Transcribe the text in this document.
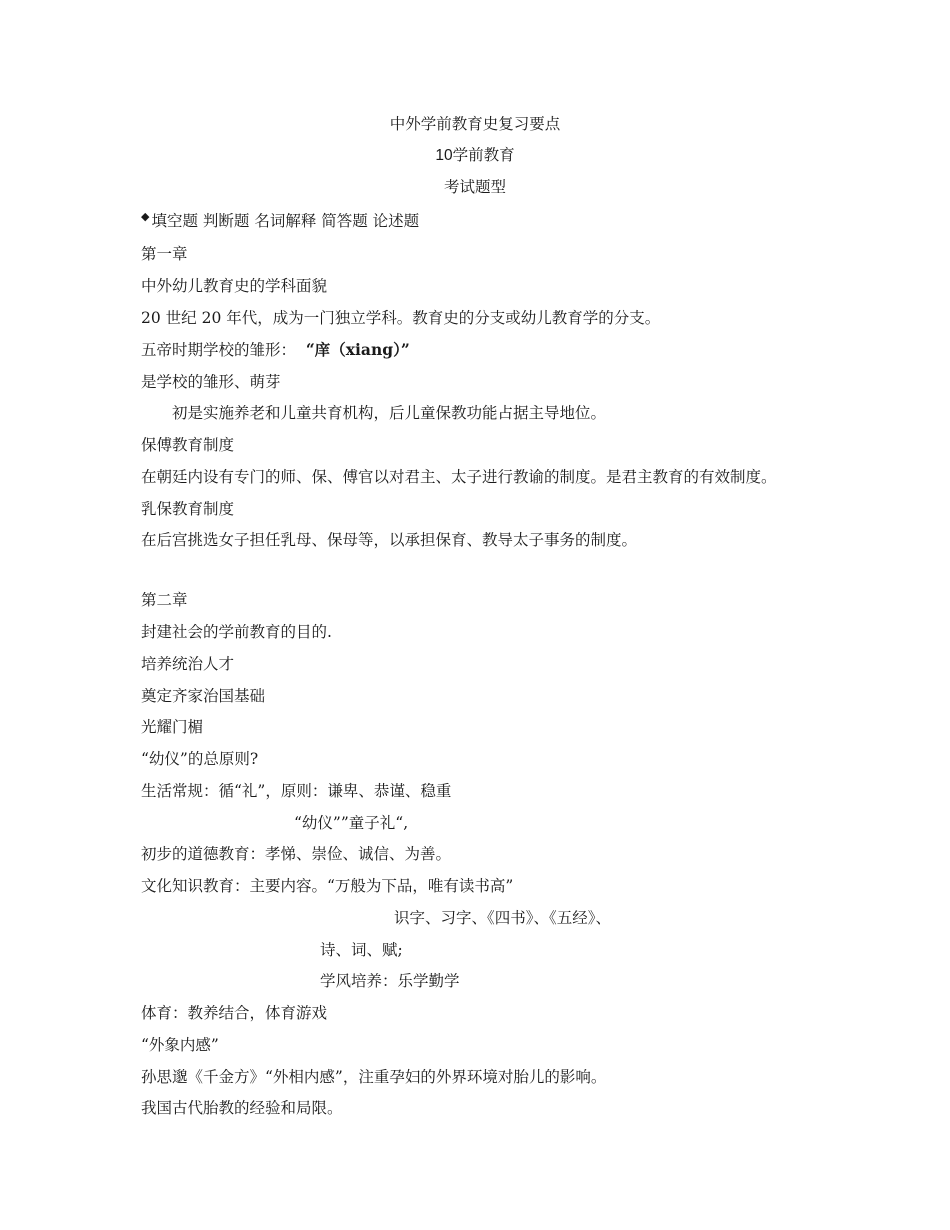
中外学前教育史复习要点
10学前教育
考试题型
◆ 填空题 判断题 名词解释 简答题 论述题
第一章
中外幼儿教育史的学科面貌
20 世纪 20 年代，成为一门独立学科。教育史的分支或幼儿教育学的分支。
五帝时期学校的雏形： “庠（xiang）”
是学校的雏形、萌芽
初是实施养老和儿童共育机构，后儿童保教功能占据主导地位。
保傅教育制度
在朝廷内设有专门的师、保、傅官以对君主、太子进行教谕的制度。是君主教育的有效制度。
乳保教育制度
在后宫挑选女子担任乳母、保母等，以承担保育、教导太子事务的制度。
第二章
封建社会的学前教育的目的.
培养统治人才
奠定齐家治国基础
光耀门楣
“幼仪”的总原则?
生活常规：循“礼”，原则：谦卑、恭谨、稳重
“幼仪””童子礼“,
初步的道德教育：孝悌、崇俭、诚信、为善。
文化知识教育：主要内容。“万般为下品，唯有读书高”
识字、习字、《四书》、《五经》、
诗、词、赋;
学风培养：乐学勤学
体育：教养结合，体育游戏
“外象内感”
孙思邈《千金方》“外相内感”，注重孕妇的外界环境对胎儿的影响。
我国古代胎教的经验和局限。
